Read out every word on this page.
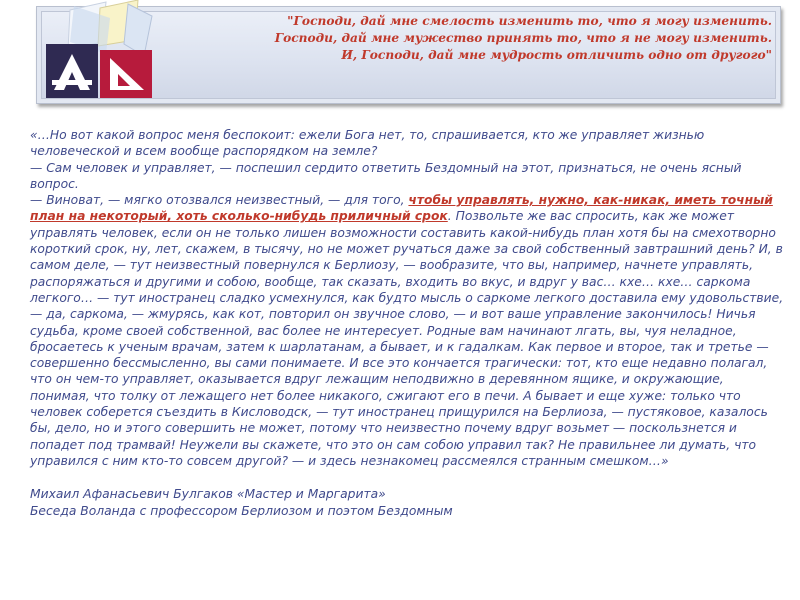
"Господи, дай мне смелость изменить то, что я могу изменить.
Господи, дай мне мужество принять то, что я не могу изменить.
И, Господи, дай мне мудрость отличить одно от другого"

«…Но вот какой вопрос меня беспокоит: ежели Бога нет, то, спрашивается, кто же управляет жизнью человеческой и всем вообще распорядком на земле?

— Сам человек и управляет, — поспешил сердито ответить Бездомный на этот, признаться, не очень ясный вопрос.

— Виноват, — мягко отозвался неизвестный, — для того, чтобы управлять, нужно, как-никак, иметь точный план на некоторый, хоть сколько-нибудь приличный срок. Позвольте же вас спросить, как же может управлять человек, если он не только лишен возможности составить какой-нибудь план хотя бы на смехотворно короткий срок, ну, лет, скажем, в тысячу, но не может ручаться даже за свой собственный завтрашний день? И, в самом деле, — тут неизвестный повернулся к Берлиозу, — вообразите, что вы, например, начнете управлять, распоряжаться и другими и собою, вообще, так сказать, входить во вкус, и вдруг у вас… кхе… кхе… саркома легкого… — тут иностранец сладко усмехнулся, как будто мысль о саркоме легкого доставила ему удовольствие, — да, саркома, — жмурясь, как кот, повторил он звучное слово, — и вот ваше управление закончилось! Ничья судьба, кроме своей собственной, вас более не интересует. Родные вам начинают лгать, вы, чуя неладное, бросаетесь к ученым врачам, затем к шарлатанам, а бывает, и к гадалкам. Как первое и второе, так и третье — совершенно бессмысленно, вы сами понимаете. И все это кончается трагически: тот, кто еще недавно полагал, что он чем-то управляет, оказывается вдруг лежащим неподвижно в деревянном ящике, и окружающие, понимая, что толку от лежащего нет более никакого, сжигают его в печи. А бывает и еще хуже: только что человек соберется съездить в Кисловодск, — тут иностранец прищурился на Берлиоза, — пустяковое, казалось бы, дело, но и этого совершить не может, потому что неизвестно почему вдруг возьмет — поскользнется и попадет под трамвай! Неужели вы скажете, что это он сам собою управил так? Не правильнее ли думать, что управился с ним кто-то совсем другой? — и здесь незнакомец рассмеялся странным смешком…»

Михаил Афанасьевич Булгаков «Мастер и Маргарита»

Беседа Воланда с профессором Берлиозом и поэтом Бездомным
